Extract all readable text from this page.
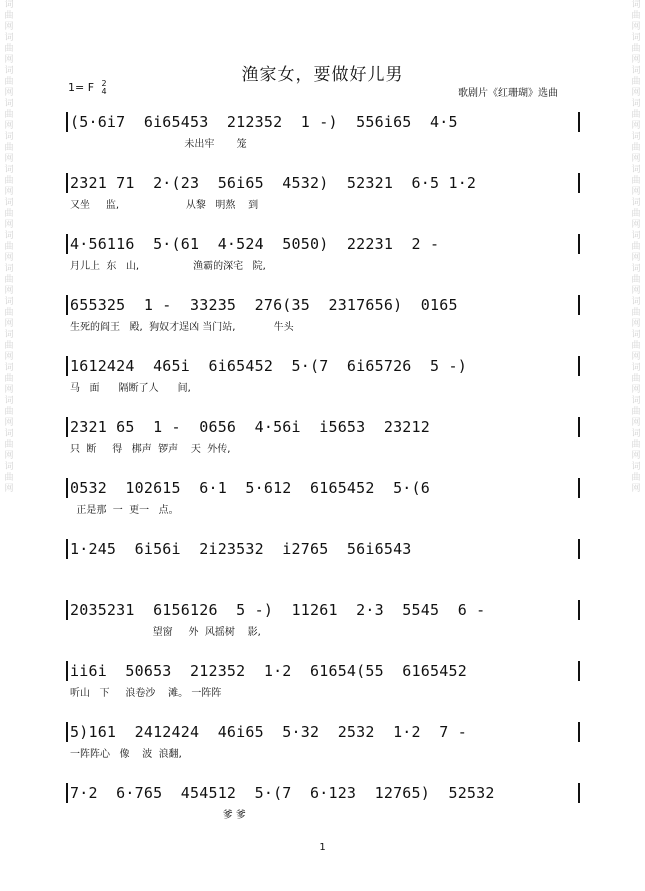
词
曲
网
词
曲
网
词
曲
网
词
曲
网
词
曲
网
词
曲
网
词
曲
网
词
曲
网
词
曲
网
词
曲
网
词
曲
网
词
曲
网
词
曲
网
词
曲
网
词
曲
网
词
曲
网
词
曲
网
词
曲
网
词
曲
网
词
曲
网
词
曲
网
词
曲
网
词
曲
网
词
曲
网
词
曲
网
词
曲
网
词
曲
网
词
曲
网
词
曲
网
词
曲
网
渔家女，要做好儿男
1= F 2
4	歌剧片《红珊瑚》选曲
(5·6i7  6i65453  212352  1 -)  556i65  4·5
未出牢       笼
2321 71  2·(23  56i65  4532)  52321  6·5 1·2
又坐     监,                     从黎   明熬    到
4·56116  5·(61  4·524  5050)  22231  2 -
月儿上  东   山,                 渔霸的深宅   院,
655325  1 -  33235  276(35  2317656)  0165
生死的阎王   殿,  狗奴才逞凶 当门站,            牛头
1612424  465i  6i65452  5·(7  6i65726  5 -)
马   面      隔断了人      间,
2321 65  1 -  0656  4·56i  i5653  23212
只  断     得   梆声  锣声    天  外传,
0532  102615  6·1  5·612  6165452  5·(6
正是那  一  更一   点。
1·245  6i56i  2i23532  i2765  56i6543
2035231  6156126  5 -)  11261  2·3  5545  6 -
望窗     外  风摇树    影,
ii6i  50653  212352  1·2  61654(55  6165452
听山   下     浪卷沙    滩。 一阵阵
5)161  2412424  46i65  5·32  2532  1·2  7 -
一阵阵心   像    波  浪翻,
7·2  6·765  454512  5·(7  6·123  12765)  52532
爹 爹
1
